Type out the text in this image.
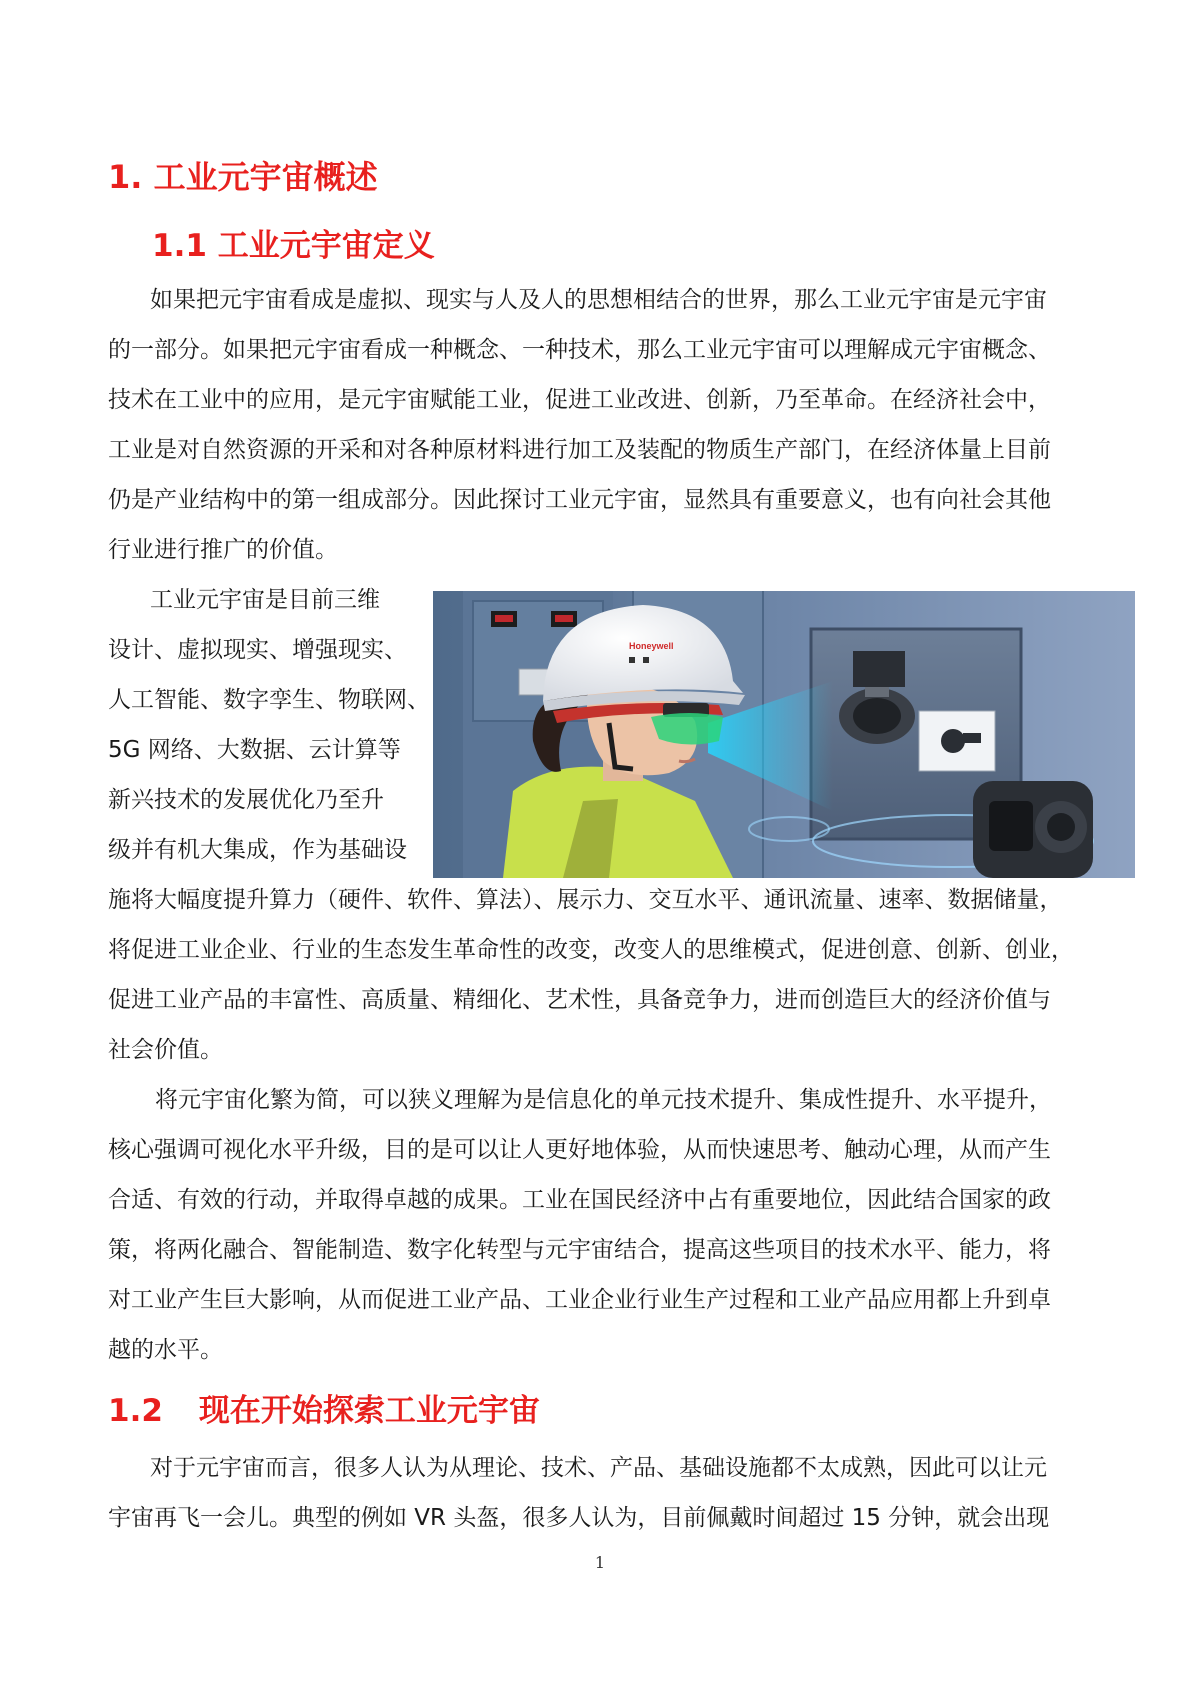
1. 工业元宇宙概述
1.1 工业元宇宙定义
如果把元宇宙看成是虚拟、现实与人及人的思想相结合的世界，那么工业元宇宙是元宇宙
的一部分。如果把元宇宙看成一种概念、一种技术，那么工业元宇宙可以理解成元宇宙概念、
技术在工业中的应用，是元宇宙赋能工业，促进工业改进、创新，乃至革命。在经济社会中，
工业是对自然资源的开采和对各种原材料进行加工及装配的物质生产部门，在经济体量上目前
仍是产业结构中的第一组成部分。因此探讨工业元宇宙，显然具有重要意义，也有向社会其他
行业进行推广的价值。
工业元宇宙是目前三维
设计、虚拟现实、增强现实、
人工智能、数字孪生、物联网、
5G 网络、大数据、云计算等
新兴技术的发展优化乃至升
级并有机大集成，作为基础设
施将大幅度提升算力（硬件、软件、算法）、展示力、交互水平、通讯流量、速率、数据储量，
将促进工业企业、行业的生态发生革命性的改变，改变人的思维模式，促进创意、创新、创业，
促进工业产品的丰富性、高质量、精细化、艺术性，具备竞争力，进而创造巨大的经济价值与
社会价值。
将元宇宙化繁为简，可以狭义理解为是信息化的单元技术提升、集成性提升、水平提升，
核心强调可视化水平升级，目的是可以让人更好地体验，从而快速思考、触动心理，从而产生
合适、有效的行动，并取得卓越的成果。工业在国民经济中占有重要地位，因此结合国家的政
策，将两化融合、智能制造、数字化转型与元宇宙结合，提高这些项目的技术水平、能力，将
对工业产生巨大影响，从而促进工业产品、工业企业行业生产过程和工业产品应用都上升到卓
越的水平。
1.2 现在开始探索工业元宇宙
对于元宇宙而言，很多人认为从理论、技术、产品、基础设施都不太成熟，因此可以让元
宇宙再飞一会儿。典型的例如 VR 头盔，很多人认为，目前佩戴时间超过 15 分钟，就会出现
Honeywell
1
